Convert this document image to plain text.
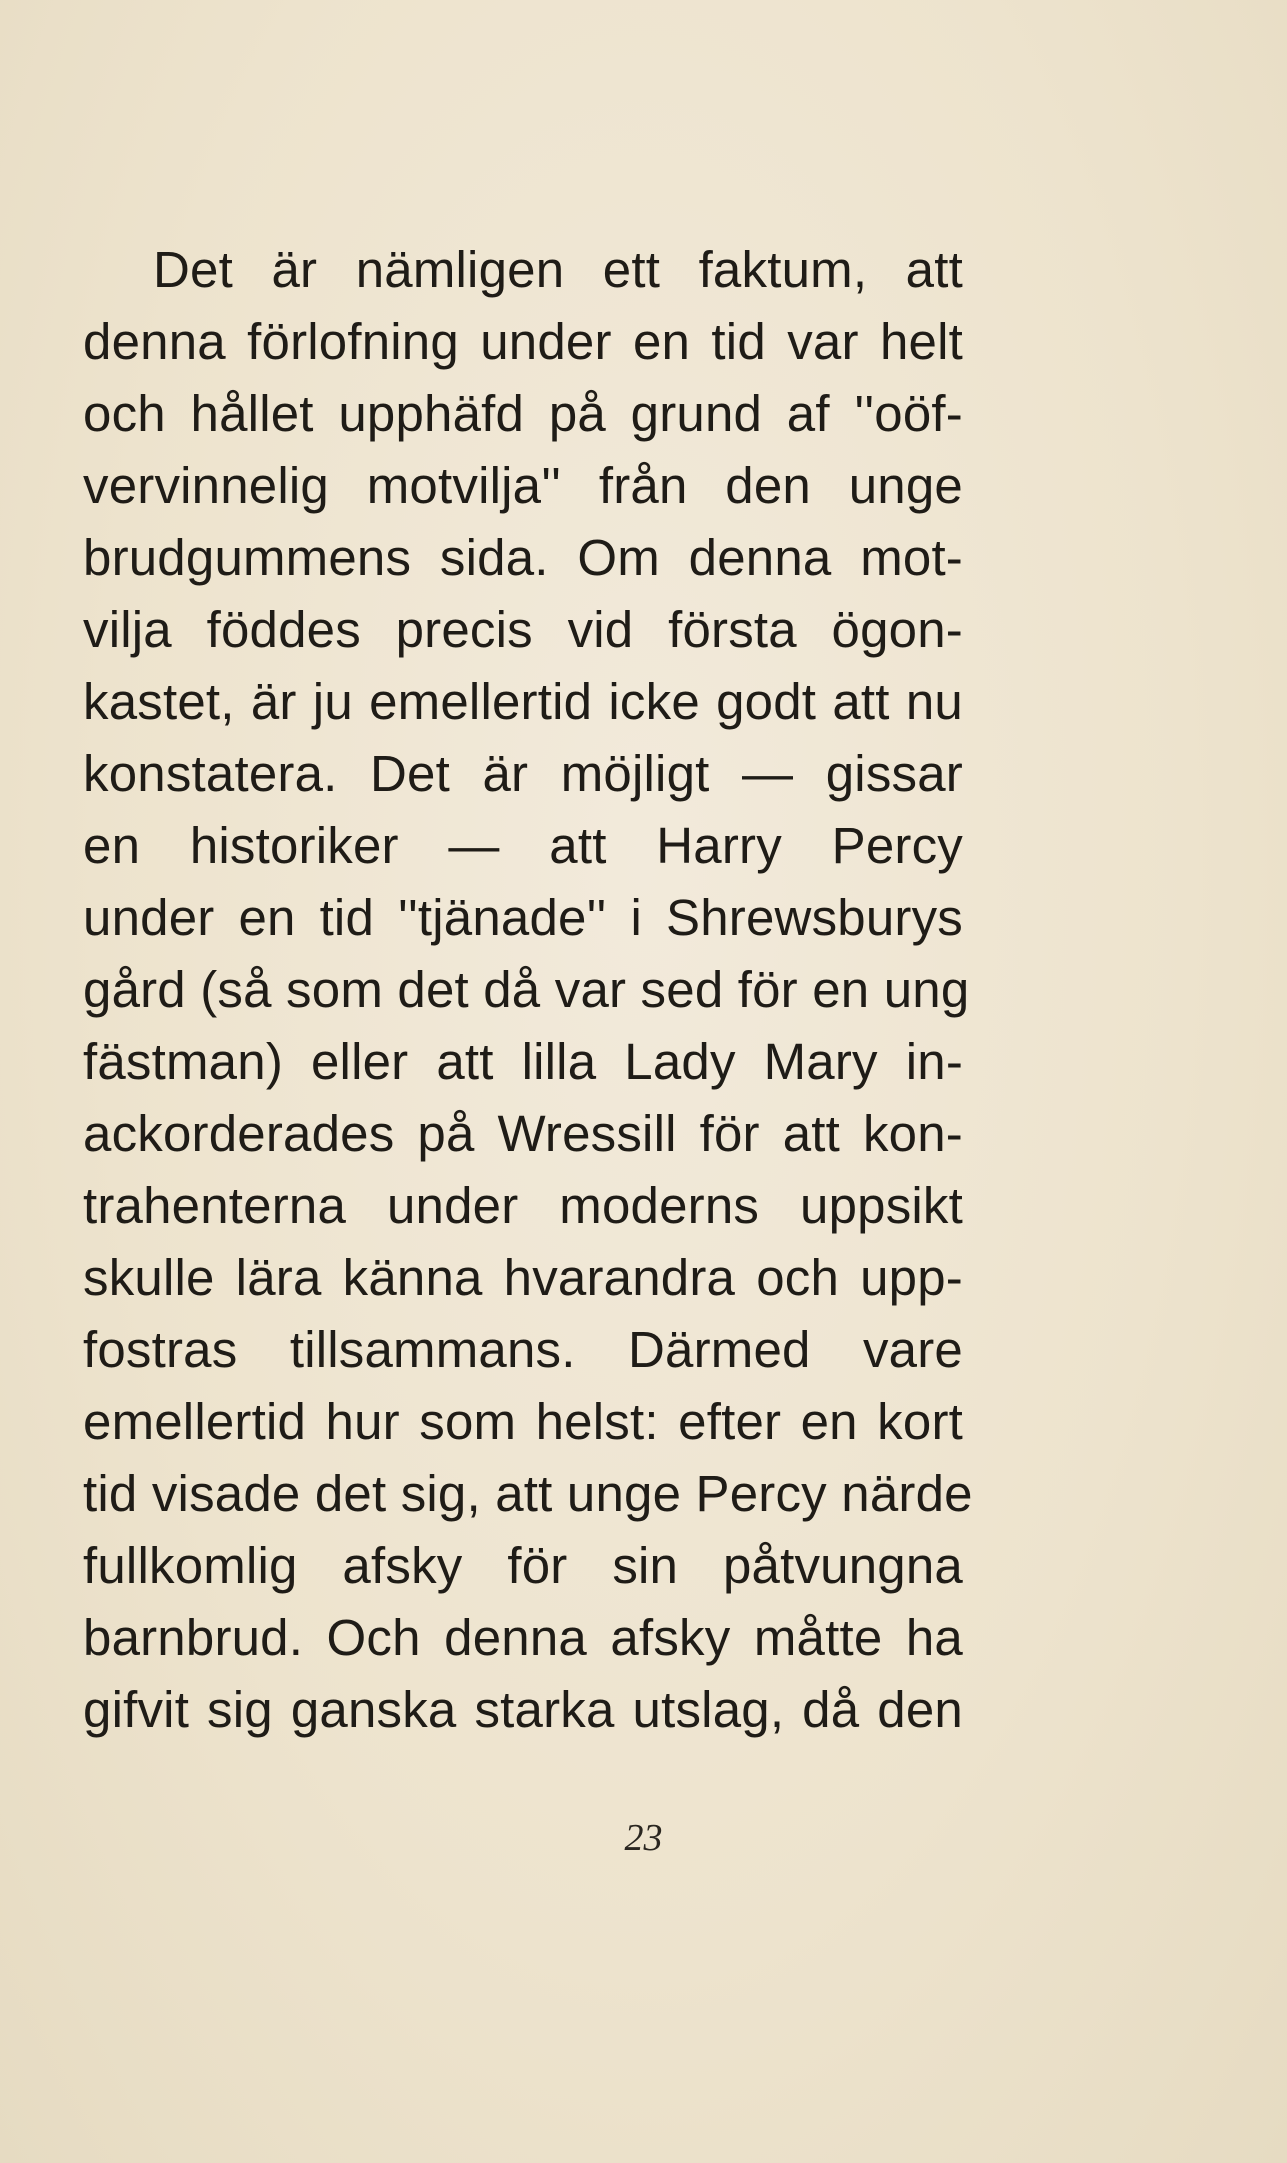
Det är nämligen ett faktum, att
denna förlofning under en tid var helt
och hållet upphäfd på grund af ''oöf-
vervinnelig motvilja'' från den unge
brudgummens sida. Om denna mot-
vilja föddes precis vid första ögon-
kastet, är ju emellertid icke godt att nu
konstatera. Det är möjligt — gissar
en historiker — att Harry Percy
under en tid ''tjänade'' i Shrewsburys
gård (så som det då var sed för en ung
fästman) eller att lilla Lady Mary in-
ackorderades på Wressill för att kon-
trahenterna under moderns uppsikt
skulle lära känna hvarandra och upp-
fostras tillsammans. Därmed vare
emellertid hur som helst: efter en kort
tid visade det sig, att unge Percy närde
fullkomlig afsky för sin påtvungna
barnbrud. Och denna afsky måtte ha
gifvit sig ganska starka utslag, då den
23
